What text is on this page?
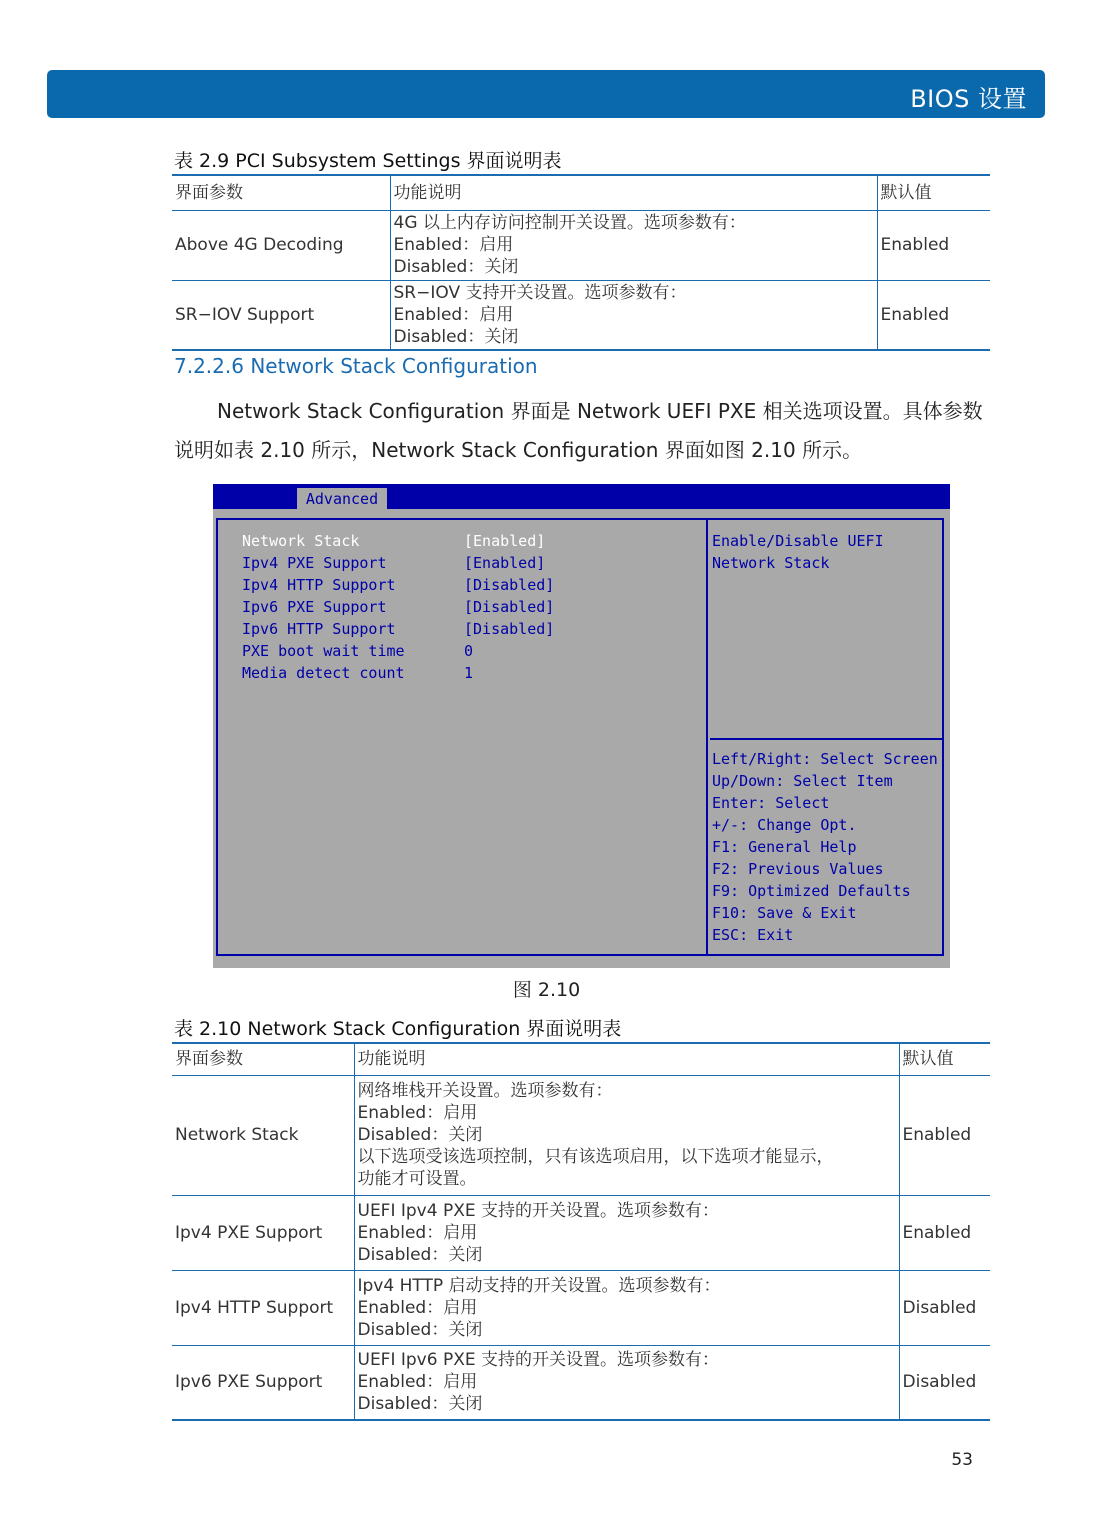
BIOS 设置
表 2.9 PCI Subsystem Settings 界面说明表
界面参数	功能说明	默认值
Above 4G Decoding	4G 以上内存访问控制开关设置。选项参数有：
Enabled：启用
Disabled：关闭	Enabled
SR−IOV Support	SR−IOV 支持开关设置。选项参数有：
Enabled：启用
Disabled：关闭	Enabled
7.2.2.6 Network Stack Configuration
Network Stack Configuration 界面是 Network UEFI PXE 相关选项设置。具体参数说明如表 2.10 所示，Network Stack Configuration 界面如图 2.10 所示。
Advanced
Network Stack	[Enabled]
Ipv4 PXE Support	[Enabled]
Ipv4 HTTP Support	[Disabled]
Ipv6 PXE Support	[Disabled]
Ipv6 HTTP Support	[Disabled]
PXE boot wait time	0
Media detect count	1
Enable/Disable UEFI
Network Stack
Left/Right: Select Screen
Up/Down: Select Item
Enter: Select
+/-: Change Opt.
F1: General Help
F2: Previous Values
F9: Optimized Defaults
F10: Save & Exit
ESC: Exit
图 2.10
表 2.10 Network Stack Configuration 界面说明表
界面参数	功能说明	默认值
Network Stack	网络堆栈开关设置。选项参数有：
Enabled：启用
Disabled：关闭
以下选项受该选项控制，只有该选项启用，以下选项才能显示，
功能才可设置。	Enabled
Ipv4 PXE Support	UEFI Ipv4 PXE 支持的开关设置。选项参数有：
Enabled：启用
Disabled：关闭	Enabled
Ipv4 HTTP Support	Ipv4 HTTP 启动支持的开关设置。选项参数有：
Enabled：启用
Disabled：关闭	Disabled
Ipv6 PXE Support	UEFI Ipv6 PXE 支持的开关设置。选项参数有：
Enabled：启用
Disabled：关闭	Disabled
53
